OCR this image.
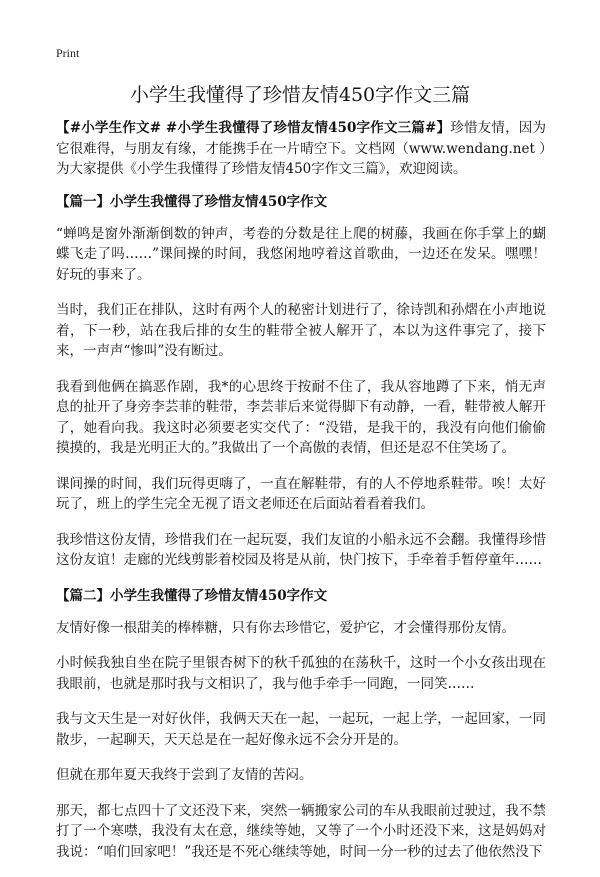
Print
小学生我懂得了珍惜友情450字作文三篇

【#小学生作文# #小学生我懂得了珍惜友情450字作文三篇#】珍惜友情，因为它很难得，与朋友有缘，才能携手在一片晴空下。文档网（www.wendang.net ）为大家提供《小学生我懂得了珍惜友情450字作文三篇》，欢迎阅读。

【篇一】小学生我懂得了珍惜友情450字作文

“蝉鸣是窗外渐渐倒数的钟声，考卷的分数是往上爬的树藤，我画在你手掌上的蝴蝶飞走了吗……”课间操的时间，我悠闲地哼着这首歌曲，一边还在发呆。嘿嘿！好玩的事来了。

当时，我们正在排队，这时有两个人的秘密计划进行了，徐诗凯和孙熠在小声地说着，下一秒，站在我后排的女生的鞋带全被人解开了，本以为这件事完了，接下来，一声声“惨叫”没有断过。

我看到他俩在搞恶作剧，我*的心思终于按耐不住了，我从容地蹲了下来，悄无声息的扯开了身旁李芸菲的鞋带，李芸菲后来觉得脚下有动静，一看，鞋带被人解开了，她看向我。我这时必须要老实交代了：“没错，是我干的，我没有向他们偷偷摸摸的，我是光明正大的。”我做出了一个高傲的表情，但还是忍不住笑场了。

课间操的时间，我们玩得更嗨了，一直在解鞋带，有的人不停地系鞋带。唉！太好玩了，班上的学生完全无视了语文老师还在后面站着看着我们。

我珍惜这份友情，珍惜我们在一起玩耍，我们友谊的小船永远不会翻。我懂得珍惜这份友谊！走廊的光线剪影着校园及将是从前，快门按下，手牵着手暂停童年……

【篇二】小学生我懂得了珍惜友情450字作文

友情好像一根甜美的棒棒糖，只有你去珍惜它，爱护它，才会懂得那份友情。

小时候我独自坐在院子里银杏树下的秋千孤独的在荡秋千，这时一个小女孩出现在我眼前，也就是那时我与文相识了，我与他手牵手一同跑，一同笑……

我与文天生是一对好伙伴，我俩天天在一起，一起玩，一起上学，一起回家，一同散步，一起聊天，天天总是在一起好像永远不会分开是的。

但就在那年夏天我终于尝到了友情的苦闷。

那天，都七点四十了文还没下来，突然一辆搬家公司的车从我眼前过驶过，我不禁打了一个寒噤，我没有太在意，继续等她，又等了一个小时还没下来，这是妈妈对我说：“咱们回家吧！”我还是不死心继续等她，时间一分一秒的过去了他依然没下
